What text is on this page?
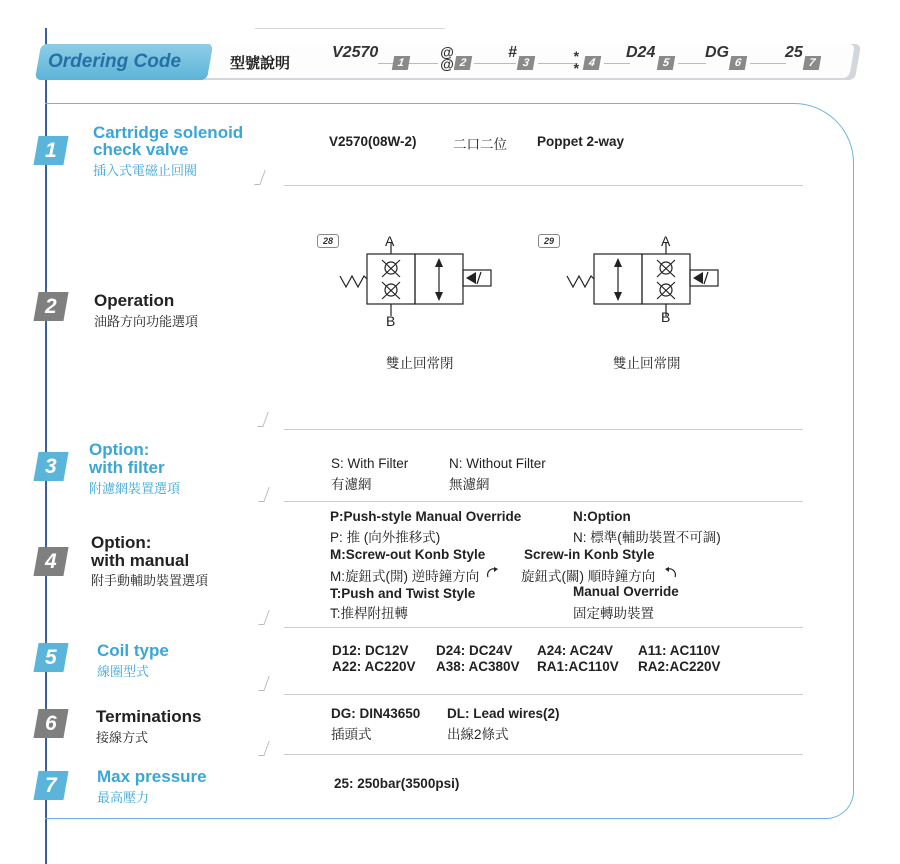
Ordering Code	型號說明
V2570
1
@
@ 2
#
3	*
* 4
D24
5
DG
6
25
7
1
Cartridge solenoid
check valve
插入式電磁止回閥
V2570(08W-2)	二口二位 Poppet 2-way
2	Operation
油路方向功能選項
28	29
A
B
雙止回常閉
A
B
雙止回常開
3
Option:
with filter
附濾網裝置選項
S: With Filter
有濾網
N: Without Filter
無濾網
4
Option:
with manual
附手動輔助裝置選項
P:Push-style Manual Override
P: 推 (向外推移式)
N:Option
N: 標準(輔助裝置不可調)
M:Screw-out Konb Style
M:旋鈕式(開) 逆時鐘方向
Screw-in Konb Style
旋鈕式(關) 順時鐘方向
T:Push and Twist Style
T:推桿附扭轉
Manual Override
固定轉助裝置
5	Coil type
線圈型式
D12: DC12V D24: DC24V A24: AC24V A11: AC110V
A22: AC220V A38: AC380V RA1:AC110V RA2:AC220V
6	Terminations
接線方式
DG: DIN43650
插頭式
DL: Lead wires(2)
出線2條式
7	Max pressure
最高壓力
25: 250bar(3500psi)
